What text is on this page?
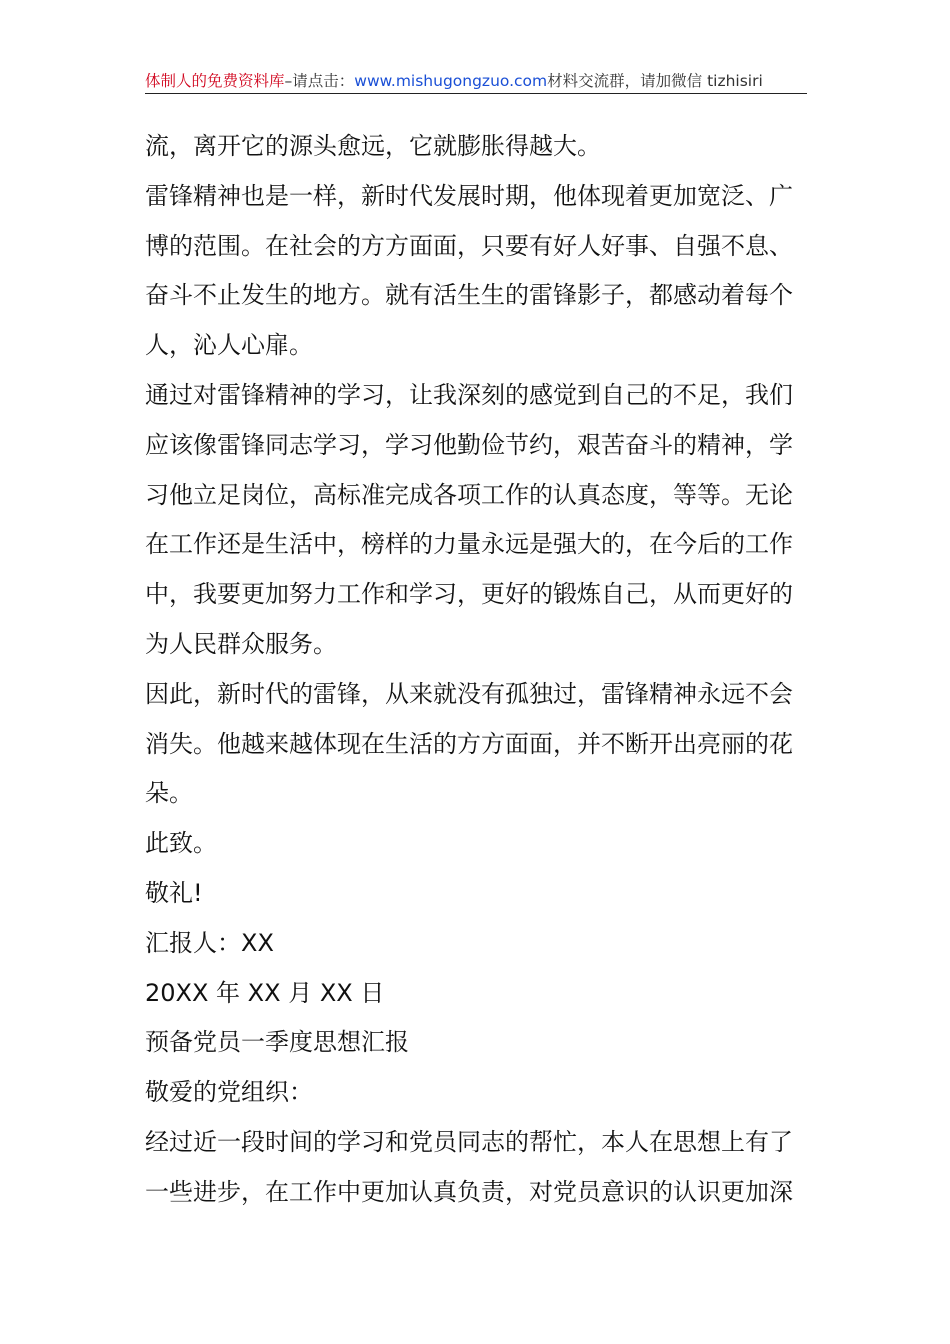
体制人的免费资料库–请点击：www.mishugongzuo.com材料交流群，请加微信 tizhisiri
流，离开它的源头愈远，它就膨胀得越大。
雷锋精神也是一样，新时代发展时期，他体现着更加宽泛、广
博的范围。在社会的方方面面，只要有好人好事、自强不息、
奋斗不止发生的地方。就有活生生的雷锋影子，都感动着每个
人，沁人心扉。
通过对雷锋精神的学习，让我深刻的感觉到自己的不足，我们
应该像雷锋同志学习，学习他勤俭节约，艰苦奋斗的精神，学
习他立足岗位，高标准完成各项工作的认真态度，等等。无论
在工作还是生活中，榜样的力量永远是强大的，在今后的工作
中，我要更加努力工作和学习，更好的锻炼自己，从而更好的
为人民群众服务。
因此，新时代的雷锋，从来就没有孤独过，雷锋精神永远不会
消失。他越来越体现在生活的方方面面，并不断开出亮丽的花
朵。
此致。
敬礼!
汇报人：XX
20XX 年 XX 月 XX 日
预备党员一季度思想汇报
敬爱的党组织：
经过近一段时间的学习和党员同志的帮忙，本人在思想上有了
一些进步，在工作中更加认真负责，对党员意识的认识更加深
